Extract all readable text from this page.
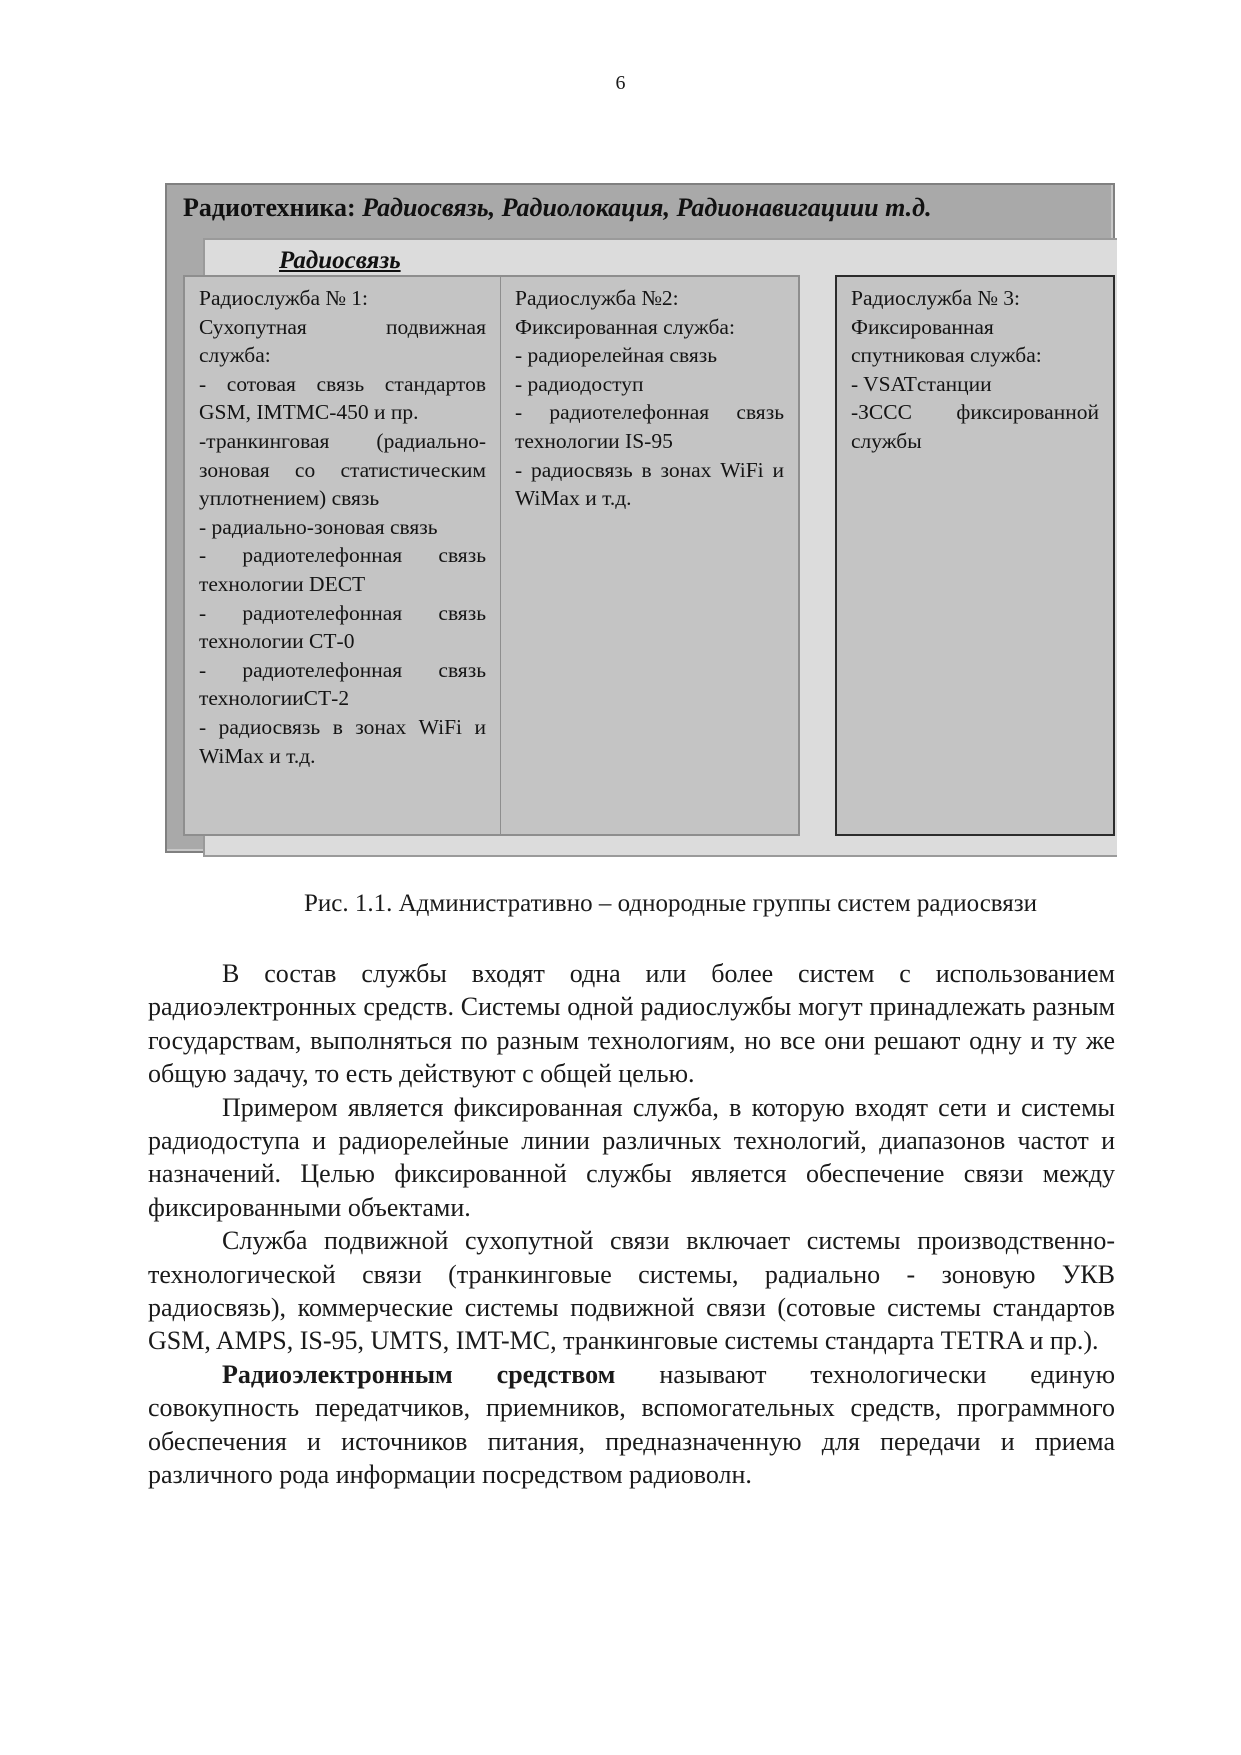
6
Радиотехника: Радиосвязь, Радиолокация, Радионавигациии т.д.
Радиосвязь

Радиослужба № 1:

Сухопутная	подвижная

служба:

- сотовая связь стандартов GSM, IMTMC-450 и пр.

-транкинговая (радиально-зоновая со статистическим уплотнением) связь

- радиально-зоновая связь

- радиотелефонная связь технологии DECT

- радиотелефонная связь технологии СТ-0

- радиотелефонная связь технологииСТ-2

- радиосвязь в зонах WiFi и WiMax и т.д.

Радиослужба №2:

Фиксированная служба:

- радиорелейная связь

- радиодоступ

- радиотелефонная связь технологии IS-95

- радиосвязь в зонах WiFi и WiMax и т.д.

Радиослужба № 3:

Фиксированная спутниковая служба:

- VSATстанции

-ЗССС фиксированной службы

Рис. 1.1. Административно – однородные группы систем радиосвязи

В состав службы входят одна или более систем с использованием радиоэлектронных средств. Системы одной радиослужбы могут принадлежать разным государствам, выполняться по разным технологиям, но все они решают одну и ту же общую задачу, то есть действуют с общей целью.

Примером является фиксированная служба, в которую входят сети и системы радиодоступа и радиорелейные линии различных технологий, диапазонов частот и назначений. Целью фиксированной службы является обеспечение связи между фиксированными объектами.

Служба подвижной сухопутной связи включает системы производственно-технологической связи (транкинговые системы, радиально - зоновую УКВ радиосвязь), коммерческие системы подвижной связи (сотовые системы стандартов GSM, AMPS, IS-95, UMTS, IMT-MC, транкинговые системы стандарта TETRA и пр.).

Радиоэлектронным средством называют технологически единую совокупность передатчиков, приемников, вспомогательных средств, программного обеспечения и источников питания, предназначенную для передачи и приема различного рода информации посредством радиоволн.
